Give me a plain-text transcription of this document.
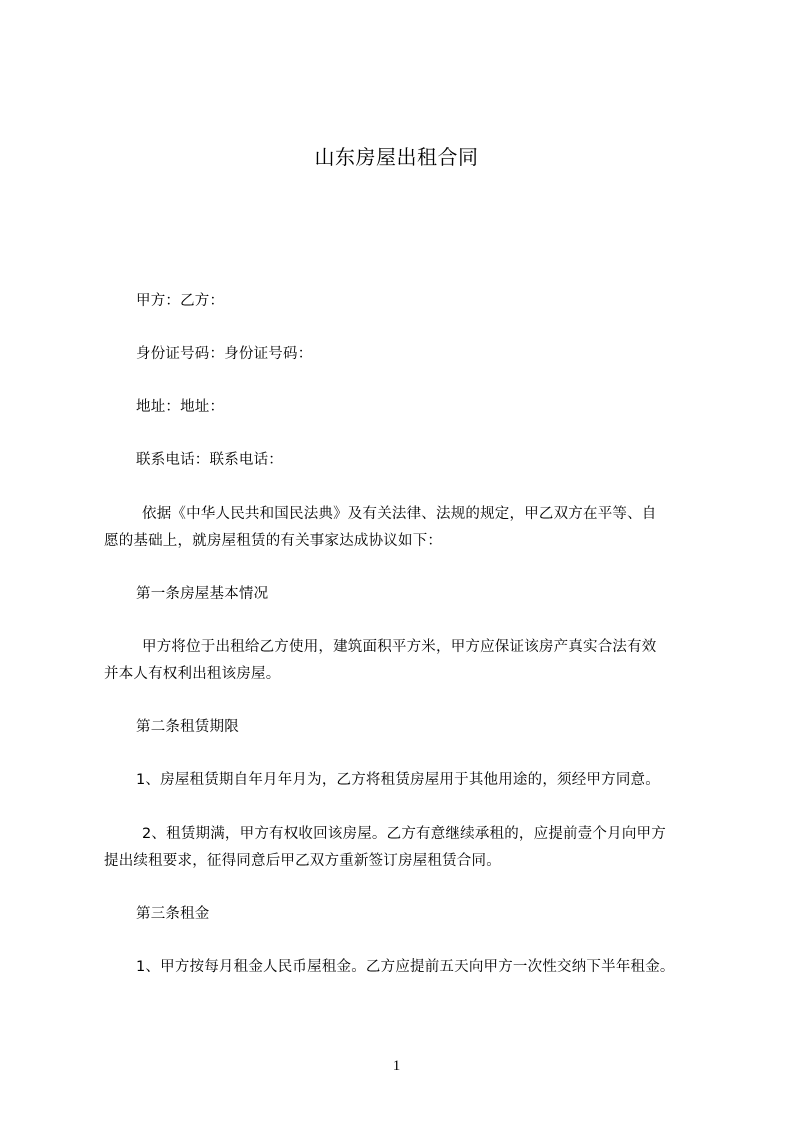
山东房屋出租合同
甲方：乙方：
身份证号码：身份证号码：
地址：地址：
联系电话：联系电话：
依据《中华人民共和国民法典》及有关法律、法规的规定，甲乙双方在平等、自
愿的基础上，就房屋租赁的有关事家达成协议如下：
第一条房屋基本情况
甲方将位于出租给乙方使用，建筑面积平方米，甲方应保证该房产真实合法有效
并本人有权利出租该房屋。
第二条租赁期限
1、房屋租赁期自年月年月为，乙方将租赁房屋用于其他用途的，须经甲方同意。
2、租赁期满，甲方有权收回该房屋。乙方有意继续承租的，应提前壹个月向甲方
提出续租要求，征得同意后甲乙双方重新签订房屋租赁合同。
第三条租金
1、甲方按每月租金人民币屋租金。乙方应提前五天向甲方一次性交纳下半年租金。
1
